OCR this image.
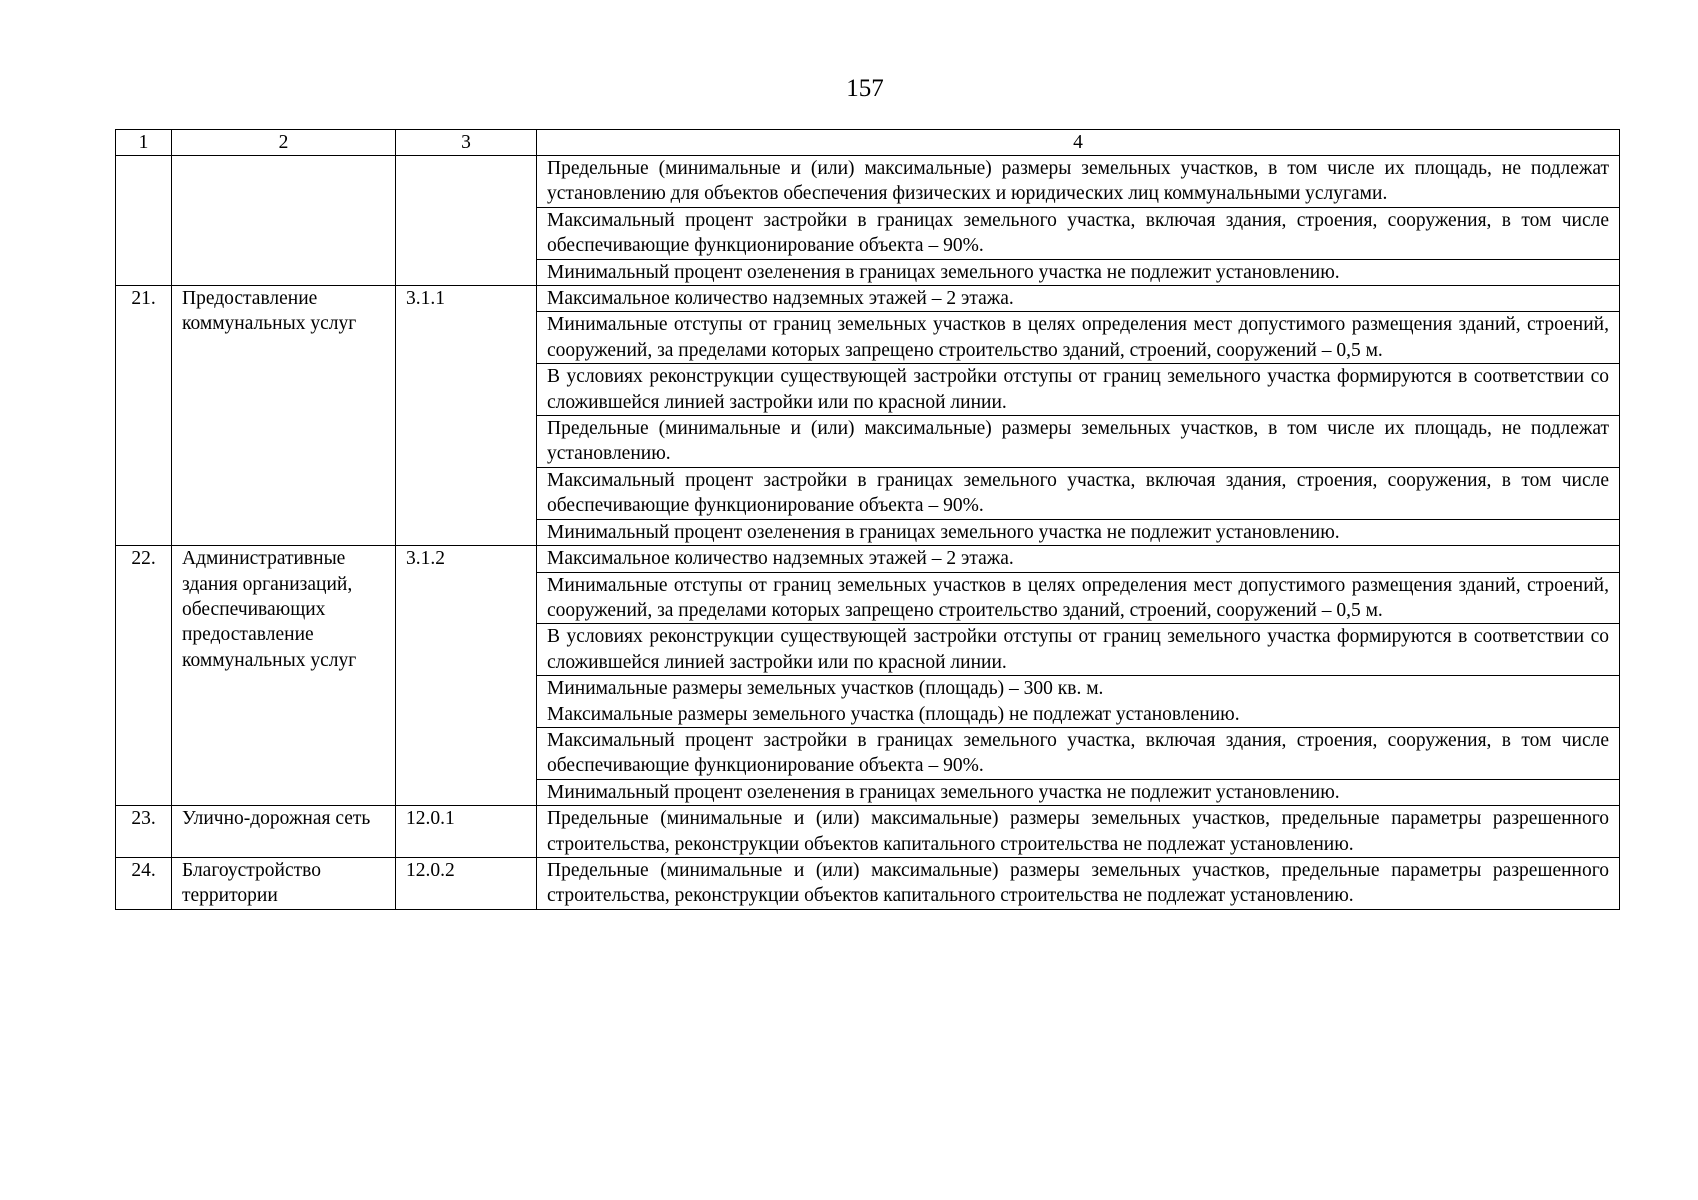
157
1	2	3	4

			Предельные (минимальные и (или) максимальные) размеры земельных участков, в том числе их площадь, не подлежат установлению для объектов обеспечения физических и юридических лиц коммунальными услугами.

			Максимальный процент застройки в границах земельного участка, включая здания, строения, сооружения, в том числе обеспечивающие функционирование объекта – 90%.

			Минимальный процент озеленения в границах земельного участка не подлежит установлению.

21.	Предоставление коммунальных услуг	3.1.1	Максимальное количество надземных этажей – 2 этажа.

			Минимальные отступы от границ земельных участков в целях определения мест допустимого размещения зданий, строений, сооружений, за пределами которых запрещено строительство зданий, строений, сооружений – 0,5 м.

			В условиях реконструкции существующей застройки отступы от границ земельного участка формируются в соответствии со сложившейся линией застройки или по красной линии.

			Предельные (минимальные и (или) максимальные) размеры земельных участков, в том числе их площадь, не подлежат установлению.

			Максимальный процент застройки в границах земельного участка, включая здания, строения, сооружения, в том числе обеспечивающие функционирование объекта – 90%.

			Минимальный процент озеленения в границах земельного участка не подлежит установлению.

22.	Административные здания организаций, обеспечивающих предоставление коммунальных услуг	3.1.2	Максимальное количество надземных этажей – 2 этажа.

			Минимальные отступы от границ земельных участков в целях определения мест допустимого размещения зданий, строений, сооружений, за пределами которых запрещено строительство зданий, строений, сооружений – 0,5 м.

			В условиях реконструкции существующей застройки отступы от границ земельного участка формируются в соответствии со сложившейся линией застройки или по красной линии.

			Минимальные размеры земельных участков (площадь) – 300 кв. м.
Максимальные размеры земельного участка (площадь) не подлежат установлению.

			Максимальный процент застройки в границах земельного участка, включая здания, строения, сооружения, в том числе обеспечивающие функционирование объекта – 90%.

			Минимальный процент озеленения в границах земельного участка не подлежит установлению.

23.	Улично-дорожная сеть	12.0.1	Предельные (минимальные и (или) максимальные) размеры земельных участков, предельные параметры разрешенного строительства, реконструкции объектов капитального строительства не подлежат установлению.

24.	Благоустройство территории	12.0.2	Предельные (минимальные и (или) максимальные) размеры земельных участков, предельные параметры разрешенного строительства, реконструкции объектов капитального строительства не подлежат установлению.
